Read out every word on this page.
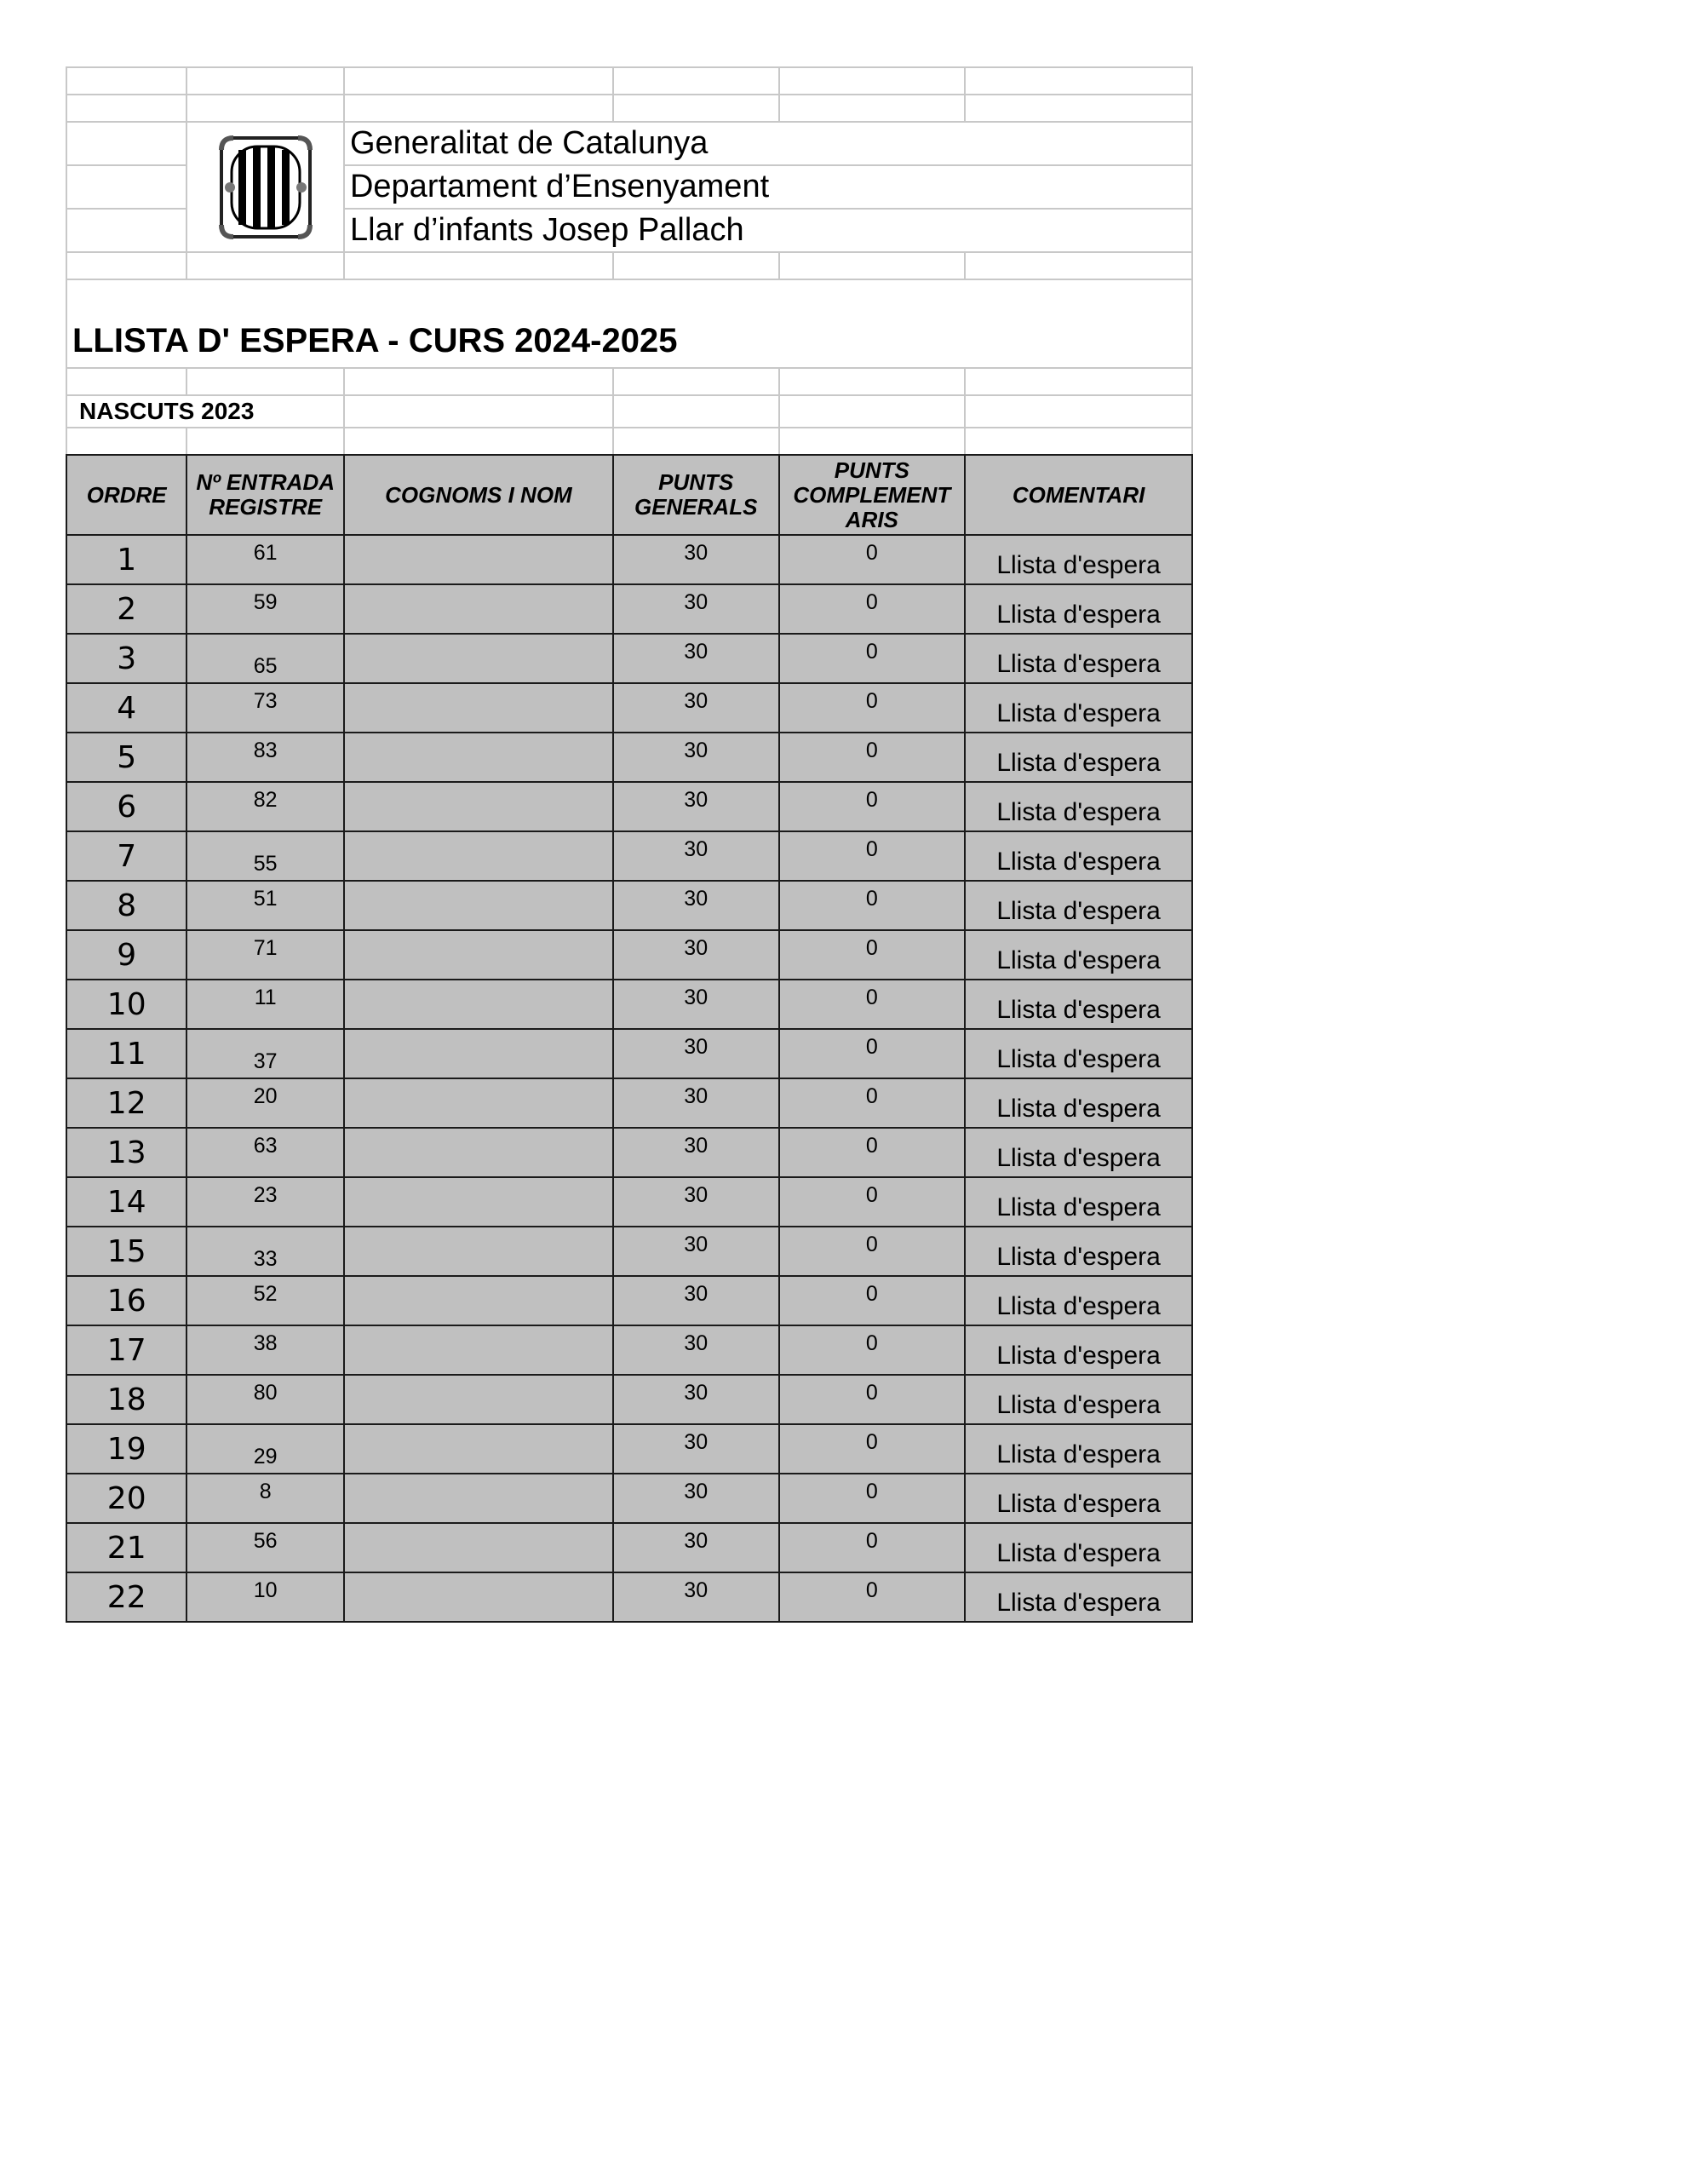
	Generalitat de Catalunya			
		Departament d’Ensenyament			
		Llar d’infants Josep Pallach			

LLISTA D' ESPERA - CURS 2024-2025					

NASCUTS 2023					

ORDRE	Nº ENTRADA REGISTRE	COGNOMS I NOM	PUNTS GENERALS	PUNTS COMPLEMENT ARIS	COMENTARI
1	61		30	0	Llista d'espera
2	59		30	0	Llista d'espera
3	65		30	0	Llista d'espera
4	73		30	0	Llista d'espera
5	83		30	0	Llista d'espera
6	82		30	0	Llista d'espera
7	55		30	0	Llista d'espera
8	51		30	0	Llista d'espera
9	71		30	0	Llista d'espera
10	11		30	0	Llista d'espera
11	37		30	0	Llista d'espera
12	20		30	0	Llista d'espera
13	63		30	0	Llista d'espera
14	23		30	0	Llista d'espera
15	33		30	0	Llista d'espera
16	52		30	0	Llista d'espera
17	38		30	0	Llista d'espera
18	80		30	0	Llista d'espera
19	29		30	0	Llista d'espera
20	8		30	0	Llista d'espera
21	56		30	0	Llista d'espera
22	10		30	0	Llista d'espera
